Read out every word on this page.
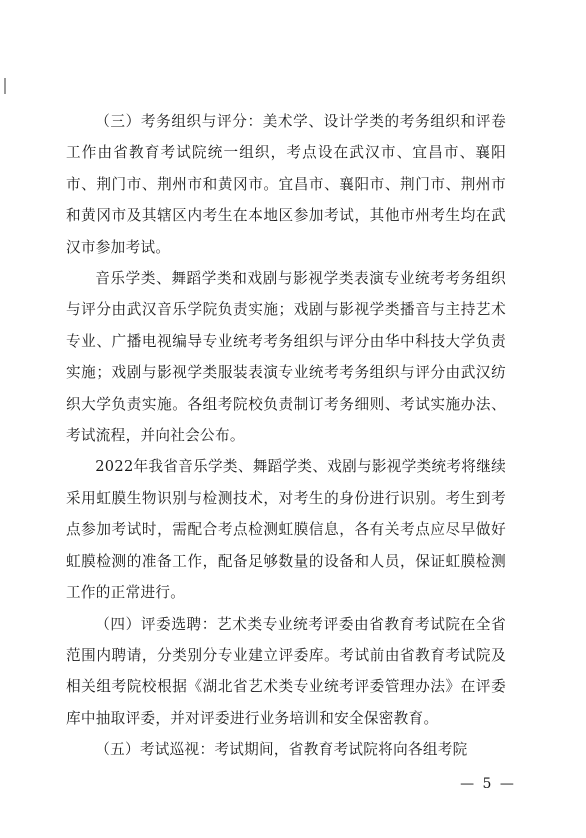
（三）考务组织与评分：美术学、设计学类的考务组织和评卷工作由省教育考试院统一组织，考点设在武汉市、宜昌市、襄阳市、荆门市、荆州市和黄冈市。宜昌市、襄阳市、荆门市、荆州市和黄冈市及其辖区内考生在本地区参加考试，其他市州考生均在武汉市参加考试。

音乐学类、舞蹈学类和戏剧与影视学类表演专业统考考务组织与评分由武汉音乐学院负责实施；戏剧与影视学类播音与主持艺术专业、广播电视编导专业统考考务组织与评分由华中科技大学负责实施；戏剧与影视学类服装表演专业统考考务组织与评分由武汉纺织大学负责实施。各组考院校负责制订考务细则、考试实施办法、考试流程，并向社会公布。

2022年我省音乐学类、舞蹈学类、戏剧与影视学类统考将继续采用虹膜生物识别与检测技术，对考生的身份进行识别。考生到考点参加考试时，需配合考点检测虹膜信息，各有关考点应尽早做好虹膜检测的准备工作，配备足够数量的设备和人员，保证虹膜检测工作的正常进行。

（四）评委选聘：艺术类专业统考评委由省教育考试院在全省范围内聘请，分类别分专业建立评委库。考试前由省教育考试院及相关组考院校根据《湖北省艺术类专业统考评委管理办法》在评委库中抽取评委，并对评委进行业务培训和安全保密教育。

（五）考试巡视：考试期间，省教育考试院将向各组考院

— 5 —
